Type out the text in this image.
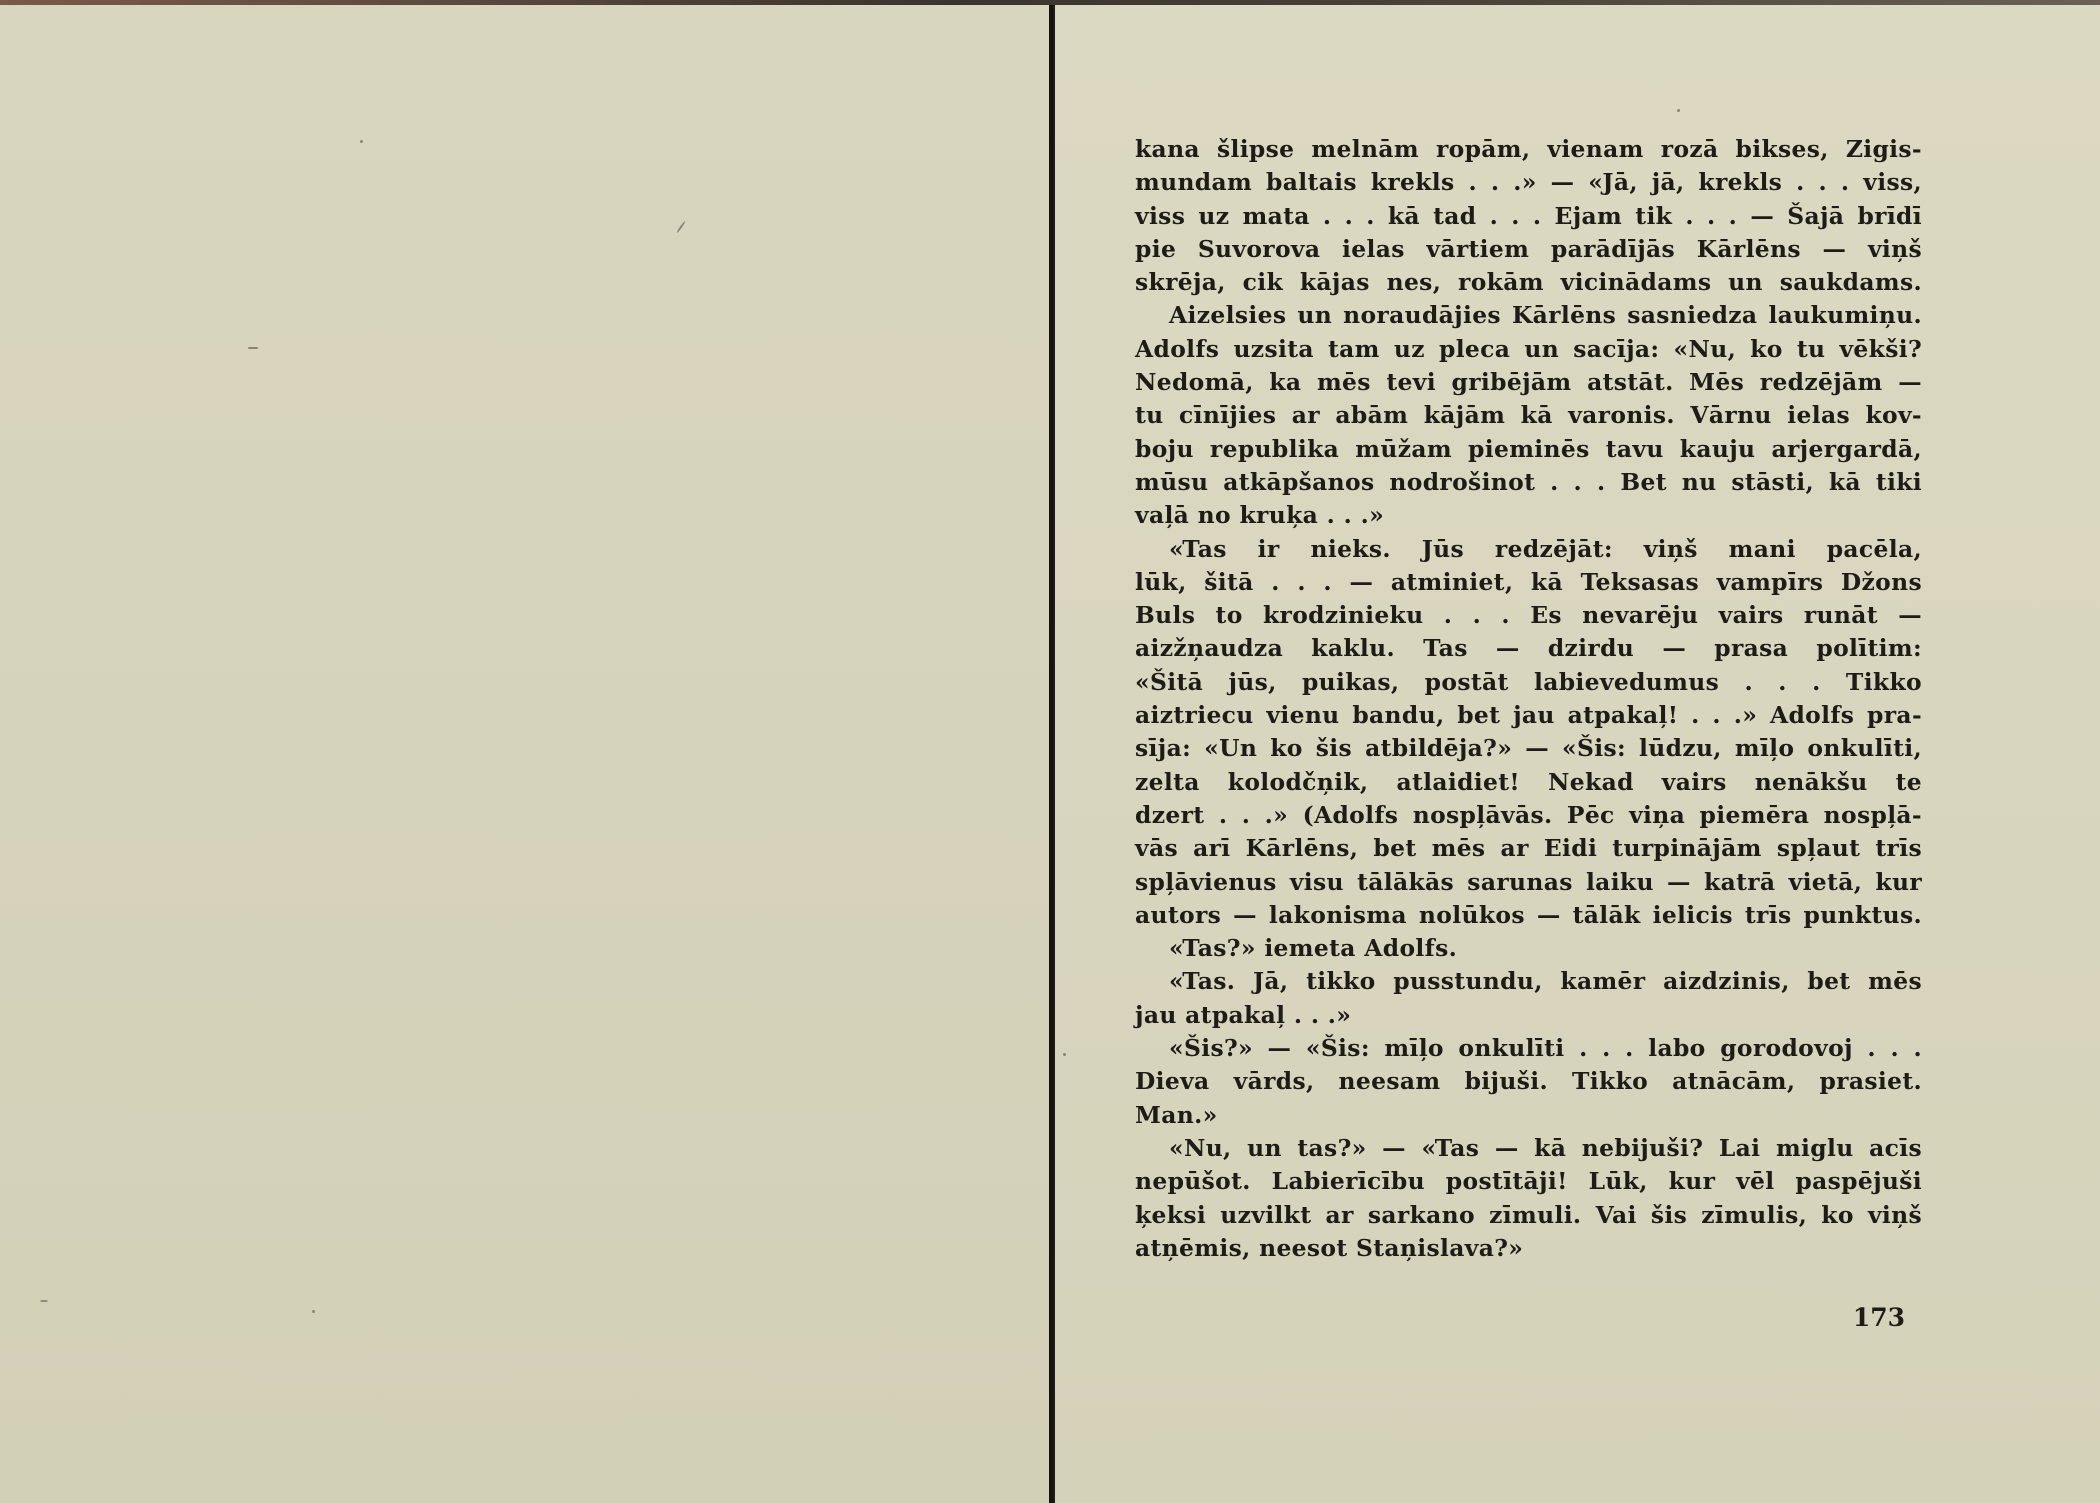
kana šlipse melnām ropām, vienam rozā bikses, Zigis-
mundam baltais krekls . . .» — «Jā, jā, krekls . . . viss,
viss uz mata . . . kā tad . . . Ejam tik . . . — Šajā brīdī
pie Suvorova ielas vārtiem parādījās Kārlēns — viņš
skrēja, cik kājas nes, rokām vicinādams un saukdams.
Aizelsies un noraudājies Kārlēns sasniedza laukumiņu.
Adolfs uzsita tam uz pleca un sacīja: «Nu, ko tu vēkši?
Nedomā, ka mēs tevi gribējām atstāt. Mēs redzējām —
tu cīnījies ar abām kājām kā varonis. Vārnu ielas kov-
boju republika mūžam pieminēs tavu kauju arjergardā,
mūsu atkāpšanos nodrošinot . . . Bet nu stāsti, kā tiki
vaļā no kruķa . . .»
«Tas ir nieks. Jūs redzējāt: viņš mani pacēla,
lūk, šitā . . . — atminiet, kā Teksasas vampīrs Džons
Buls to krodzinieku . . . Es nevarēju vairs runāt —
aizžņaudza kaklu. Tas — dzirdu — prasa polītim:
«Šitā jūs, puikas, postāt labievedumus . . . Tikko
aiztriecu vienu bandu, bet jau atpakaļ! . . .» Adolfs pra-
sīja: «Un ko šis atbildēja?» — «Šis: lūdzu, mīļo onkulīti,
zelta kolodčņik, atlaidiet! Nekad vairs nenākšu te
dzert . . .» (Adolfs nospļāvās. Pēc viņa piemēra nospļā-
vās arī Kārlēns, bet mēs ar Eidi turpinājām spļaut trīs
spļāvienus visu tālākās sarunas laiku — katrā vietā, kur
autors — lakonisma nolūkos — tālāk ielicis trīs punktus.
«Tas?» iemeta Adolfs.
«Tas. Jā, tikko pusstundu, kamēr aizdzinis, bet mēs
jau atpakaļ . . .»
«Šis?» — «Šis: mīļo onkulīti . . . labo gorodovoj . . .
Dieva vārds, neesam bijuši. Tikko atnācām, prasiet.
Man.»
«Nu, un tas?» — «Tas — kā nebijuši? Lai miglu acīs
nepūšot. Labierīcību postītāji! Lūk, kur vēl paspējuši
ķeksi uzvilkt ar sarkano zīmuli. Vai šis zīmulis, ko viņš
atņēmis, neesot Staņislava?»
173
